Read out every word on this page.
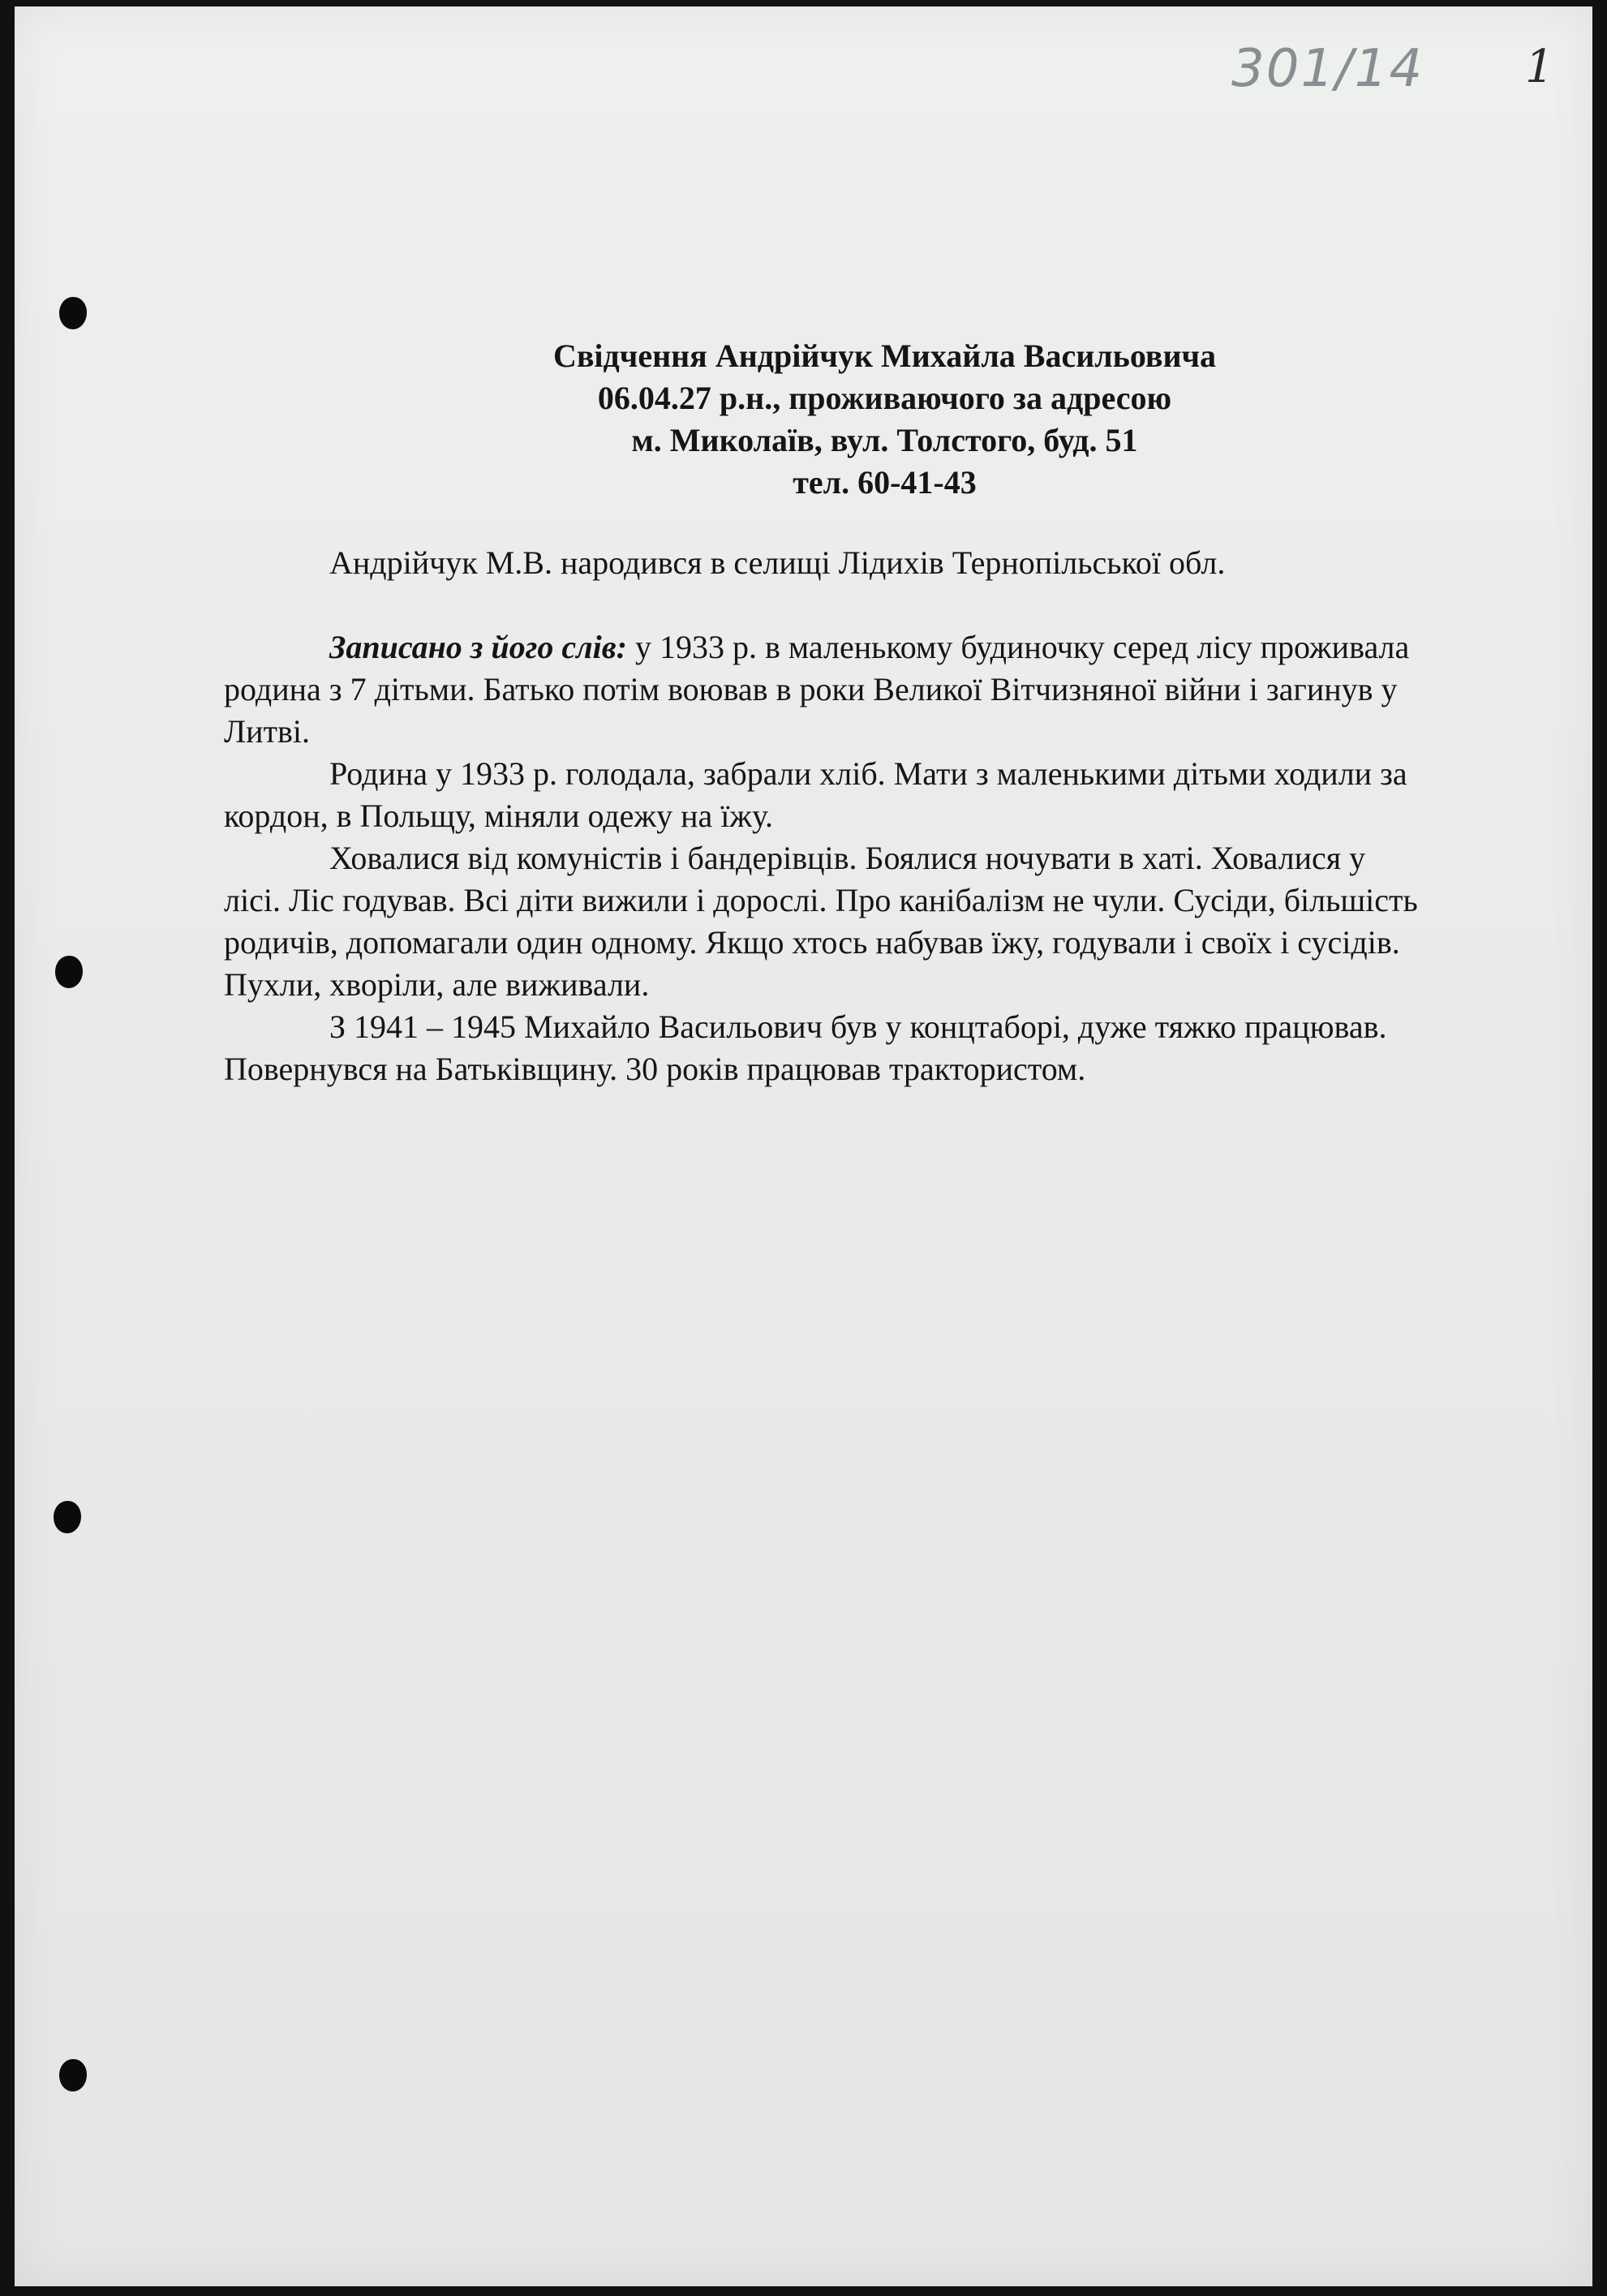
301/14 1
Свідчення Андрійчук Михайла Васильовича
06.04.27 р.н., проживаючого за адресою
м. Миколаїв, вул. Толстого, буд. 51
тел. 60-41-43

Андрійчук М.В. народився в селищі Лідихів Тернопільської обл.

Записано з його слів: у 1933 р. в маленькому будиночку серед лісу проживала родина з 7 дітьми. Батько потім воював в роки Великої Вітчизняної війни і загинув у Литві.

Родина у 1933 р. голодала, забрали хліб. Мати з маленькими дітьми ходили за кордон, в Польщу, міняли одежу на їжу.

Ховалися від комуністів і бандерівців. Боялися ночувати в хаті. Ховалися у лісі. Ліс годував. Всі діти вижили і дорослі. Про канібалізм не чули. Сусіди, більшість родичів, допомагали один одному. Якщо хтось набував їжу, годували і своїх і сусідів. Пухли, хворіли, але виживали.

З 1941 – 1945 Михайло Васильович був у концтаборі, дуже тяжко працював. Повернувся на Батьківщину. 30 років працював трактористом.
